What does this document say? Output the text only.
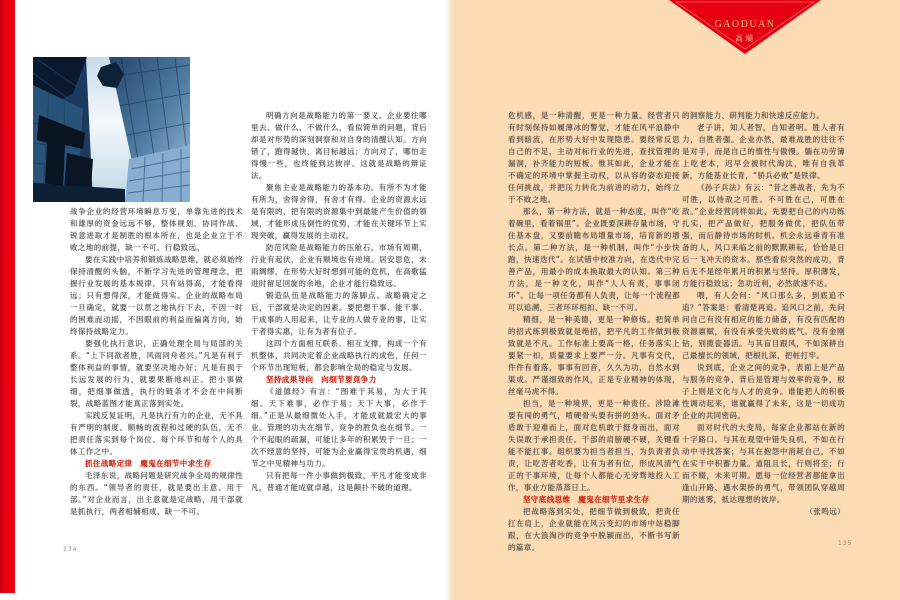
战争企业的经营环境瞬息万变，单靠先进的技术和雄厚的资金远远不够，整体规划、协同作战、锐意进取才是制胜的根本所在，也是企业立于不败之地的前提，缺一不可、行稳致远。

要在实践中培养和锻炼战略思维，就必须始终保持清醒的头脑，不断学习先进的管理理念，把握行业发展的基本规律。只有站得高，才能看得远；只有想得深，才能做得实。企业的战略布局一旦确定，就要一以贯之地执行下去，不因一时的困难而动摇，不因眼前的利益而偏离方向，始终保持战略定力。

要强化执行意识，正确处理全局与局部的关系。“上下同欲者胜，风雨同舟者兴。”凡是有利于整体利益的事情，就要坚决地办好；凡是有损于长远发展的行为，就要果断地纠正。把小事做细，把细事做透，执行的链条才不会在中间断裂，战略蓝图才能真正落到实处。

实践反复证明，凡是执行有力的企业，无不具有严明的制度、顺畅的流程和过硬的队伍，无不把责任落实到每个岗位、每个环节和每个人的具体工作之中。

抓住战略定律　魔鬼在细节中求生存

毛泽东说，战略问题是研究战争全局的规律性的东西。“领导者的责任，就是要出主意、用干部。”对企业而言，出主意就是定战略，用干部就是抓执行，两者相辅相成、缺一不可。

明确方向是战略能力的第一要义。企业要往哪里去、做什么、不做什么，看似简单的问题，背后却是对形势的深刻洞察和对自身的清醒认知。方向错了，跑得越快，离目标越远；方向对了，哪怕走得慢一些，也终能到达彼岸。这就是战略的辩证法。

聚焦主业是战略能力的基本功。有所不为才能有所为，舍得舍得，有舍才有得。企业的资源永远是有限的，把有限的资源集中到最能产生价值的领域，才能形成压倒性的优势，才能在关键环节上实现突破，赢得发展的主动权。

防范风险是战略能力的压舱石。市场有周期，行业有起伏，企业有顺境也有逆境。居安思危，未雨绸缪，在形势大好时想到可能的危机，在高歌猛进时留足回旋的余地，企业才能行稳致远。

锻造队伍是战略能力的落脚点。战略确定之后，干部就是决定的因素。要把想干事、能干事、干成事的人用起来，让专业的人做专业的事，让实干者得实惠，让有为者有位子。

这四个方面相互联系、相互支撑，构成一个有机整体，共同决定着企业战略执行的成色，任何一个环节出现短板，都会影响全局的稳定与发展。

坚持成果导向　向细节要竞争力

《道德经》有言：“图难于其易，为大于其细。天下难事，必作于易；天下大事，必作于细。”正是从最细微处入手，才能成就最宏大的事业。管理的功夫在细节，竞争的胜负也在细节。一个不起眼的疏漏，可能让多年的积累毁于一旦；一次不经意的坚持，可能为企业赢得宝贵的机遇，细节之中见精神与功力。

只有把每一件小事做到极致，平凡才能变成非凡，普通才能成就卓越，这是颠扑不破的道理。

134
GAODUAN
高端

危机感，是一种清醒，更是一种力量。经营者只有时刻保持如履薄冰的警觉，才能在风平浪静中看到暗流，在形势大好中发现隐患。要经常反思自己的不足，主动对标行业的先进，查找管理的漏洞，补齐能力的短板。惟其如此，企业才能在不确定的环境中掌握主动权，以从容的姿态迎接任何挑战，并把压力转化为前进的动力，始终立于不败之地。

那么，第一种方法，就是一种态度，叫作“吃着碗里，看着锅里”。企业既要深耕存量市场，守住基本盘，又要前瞻布局增量市场，培育新的增长点。第二种方法，是一种机制，叫作“小步快跑，快速迭代”。在试错中校准方向，在迭代中完善产品，用最小的成本换取最大的认知。第三种方法，是一种文化，叫作“人人有责，事事闭环”。让每一项任务都有人负责，让每一个流程都可以追溯，三者环环相扣、缺一不可。

精细，是一种美德，更是一种修炼。把简单的招式练到极致就是绝招，把平凡的工作做到极致就是不凡。工作标准上要高一格，任务落实上要紧一扣，质量要求上要严一分。凡事有交代，件件有着落，事事有回音，久久为功，自然水到渠成。严谨细致的作风，正是专业精神的体现，丝毫马虎不得。

担当，是一种境界，更是一种责任。涉险滩要有闯的勇气，啃硬骨头要有拼的劲头。面对矛盾敢于迎难而上，面对危机敢于挺身而出，面对失误敢于承担责任。干部的肩膀硬不硬，关键看能不能扛事。组织要为担当者担当，为负责者负责，让吃苦者吃香，让有为者有位，形成风清气正的干事环境，让每个人都能心无旁骛地投入工作，事业方能蒸蒸日上。

坚守底线思维　魔鬼在细节里求生存

把战略落到实处，把细节做到极致，把责任扛在肩上，企业就能在风云变幻的市场中站稳脚跟，在大浪淘沙的竞争中脱颖而出，不断书写新的篇章。

的洞察能力、研判能力和快速反应能力。

老子讲，知人者智，自知者明。胜人者有力，自胜者强。企业亦然，最难战胜的往往不是对手，而是自己的惰性与傲慢。躺在功劳簿上吃老本，迟早会被时代淘汰，唯有自我革新，方能基业长青，“骄兵必败”是铁律。

《孙子兵法》有云：“昔之善战者，先为不可胜，以待敌之可胜。不可胜在己，可胜在敌。”企业经营同样如此，先要把自己的内功练扎实，把产品做好，把服务做优，把队伍带强，而后静待市场的时机。机会永远垂青有准备的人，风口来临之前的默默耕耘，恰恰是日后一飞冲天的资本。那些看似突然的成功，背后无不是经年累月的积累与坚持。厚积薄发，方能行稳致远；急功近利，必然欲速不达。

喂，有人会问：“风口那么多，到底追不追？”答案是：看清楚再追。追风口之前，先问问自己有没有相应的能力储备，有没有匹配的资源禀赋，有没有承受失败的底气。没有金刚钻，别揽瓷器活。与其盲目跟风，不如深耕自己最擅长的领域，把根扎深、把桩打牢。

说到底，企业之间的竞争，表面上是产品与服务的竞争，背后是管理与效率的竞争，根子上则是文化与人才的竞争。谁能把人的积极性调动起来，谁就赢得了未来，这是一切成功企业的共同密码。

面对时代的大变局，每家企业都站在新的十字路口。与其在观望中错失良机，不如在行动中寻找答案；与其在抱怨中消耗自己，不如在实干中积蓄力量。道阻且长，行则将至；行而不辍，未来可期。愿每一位经营者都能拿出逢山开路、遇水架桥的勇气，带领团队穿越周期的迷雾，抵达理想的彼岸。

（张鸣远）

135
